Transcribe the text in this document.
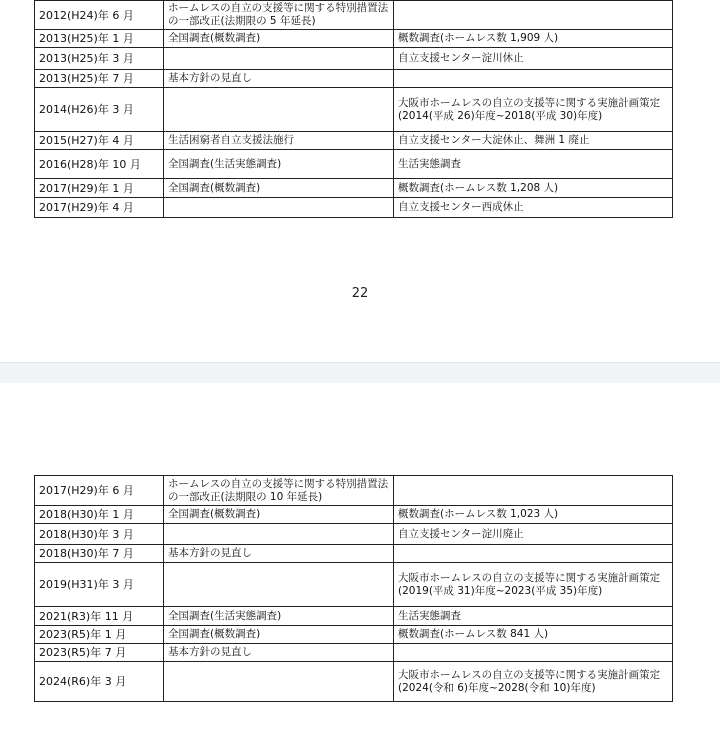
2012(H24)年 6 月	ホームレスの自立の支援等に関する特別措置法の一部改正(法期限の 5 年延長)	
2013(H25)年 1 月	全国調査(概数調査)	概数調査(ホームレス数 1,909 人)
2013(H25)年 3 月		自立支援センター淀川休止
2013(H25)年 7 月	基本方針の見直し	
2014(H26)年 3 月		大阪市ホームレスの自立の支援等に関する実施計画策定(2014(平成 26)年度~2018(平成 30)年度)
2015(H27)年 4 月	生活困窮者自立支援法施行	自立支援センター大淀休止、舞洲 1 廃止
2016(H28)年 10 月	全国調査(生活実態調査)	生活実態調査
2017(H29)年 1 月	全国調査(概数調査)	概数調査(ホームレス数 1,208 人)
2017(H29)年 4 月		自立支援センター西成休止
22
2017(H29)年 6 月	ホームレスの自立の支援等に関する特別措置法の一部改正(法期限の 10 年延長)	
2018(H30)年 1 月	全国調査(概数調査)	概数調査(ホームレス数 1,023 人)
2018(H30)年 3 月		自立支援センター淀川廃止
2018(H30)年 7 月	基本方針の見直し	
2019(H31)年 3 月		大阪市ホームレスの自立の支援等に関する実施計画策定(2019(平成 31)年度~2023(平成 35)年度)
2021(R3)年 11 月	全国調査(生活実態調査)	生活実態調査
2023(R5)年 1 月	全国調査(概数調査)	概数調査(ホームレス数 841 人)
2023(R5)年 7 月	基本方針の見直し	
2024(R6)年 3 月		大阪市ホームレスの自立の支援等に関する実施計画策定(2024(令和 6)年度~2028(令和 10)年度)
